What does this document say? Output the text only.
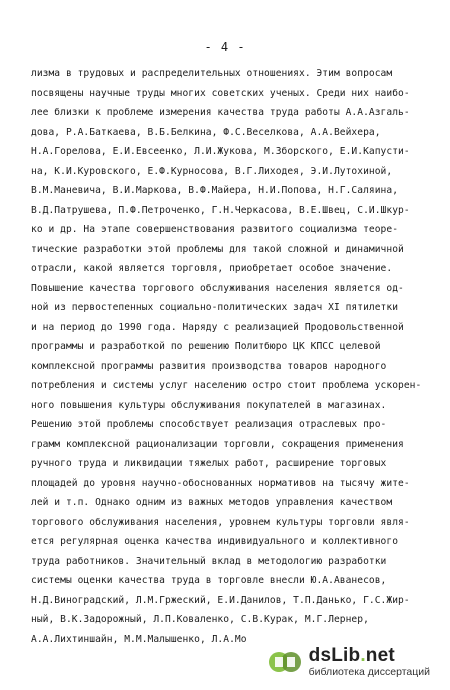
- 4 -
лизма в трудовых и распределительных отношениях. Этим вопросам
посвящены научные труды многих советских ученых. Среди них наибо-
лее близки к проблеме измерения качества труда работы А.А.Азгаль-
дова, Р.А.Баткаева, В.Б.Белкина, Ф.С.Веселкова, А.А.Вейхера,
Н.А.Горелова, Е.И.Евсеенко, Л.И.Жукова, М.Зборского, Е.И.Капусти-
на, К.И.Куровского, Е.Ф.Курносова, В.Г.Лиходея, Э.И.Лутохиной,
В.М.Маневича, В.И.Маркова, В.Ф.Майера, Н.И.Попова, Н.Г.Саляина,
В.Д.Патрушева, П.Ф.Петроченко, Г.Н.Черкасова, В.Е.Швец, С.И.Шкур-
ко и др. На этапе совершенствования развитого социализма теоре-
тические разработки этой проблемы для такой сложной и динамичной
отрасли, какой является торговля, приобретает особое значение.
Повышение качества торгового обслуживания населения является од-
ной из первостепенных социально-политических задач XI пятилетки
и на период до 1990 года. Наряду с реализацией Продовольственной
программы и разработкой по решению Политбюро ЦК КПСС целевой
комплексной программы развития производства товаров народного
потребления и системы услуг населению остро стоит проблема ускорен-
ного повышения культуры обслуживания покупателей в магазинах.
Решению этой проблемы способствует реализация отраслевых про-
грамм комплексной рационализации торговли, сокращения применения
ручного труда и ликвидации тяжелых работ, расширение торговых
площадей до уровня научно-обоснованных нормативов на тысячу жите-
лей и т.п. Однако одним из важных методов управления качеством
торгового обслуживания населения, уровнем культуры торговли явля-
ется регулярная оценка качества индивидуального и коллективного
труда работников. Значительный вклад в методологию разработки
системы оценки качества труда в торговле внесли Ю.А.Аванесов,
Н.Д.Виноградский, Л.М.Гржеский, Е.И.Данилов, Т.П.Данько, Г.С.Жир-
ный, В.К.Задорожный, Л.П.Коваленко, С.В.Курак, М.Г.Лернер,
А.А.Лихтиншайн, М.М.Малышенко, Л.А.Мо
dsLib.net
библиотека диссертаций
